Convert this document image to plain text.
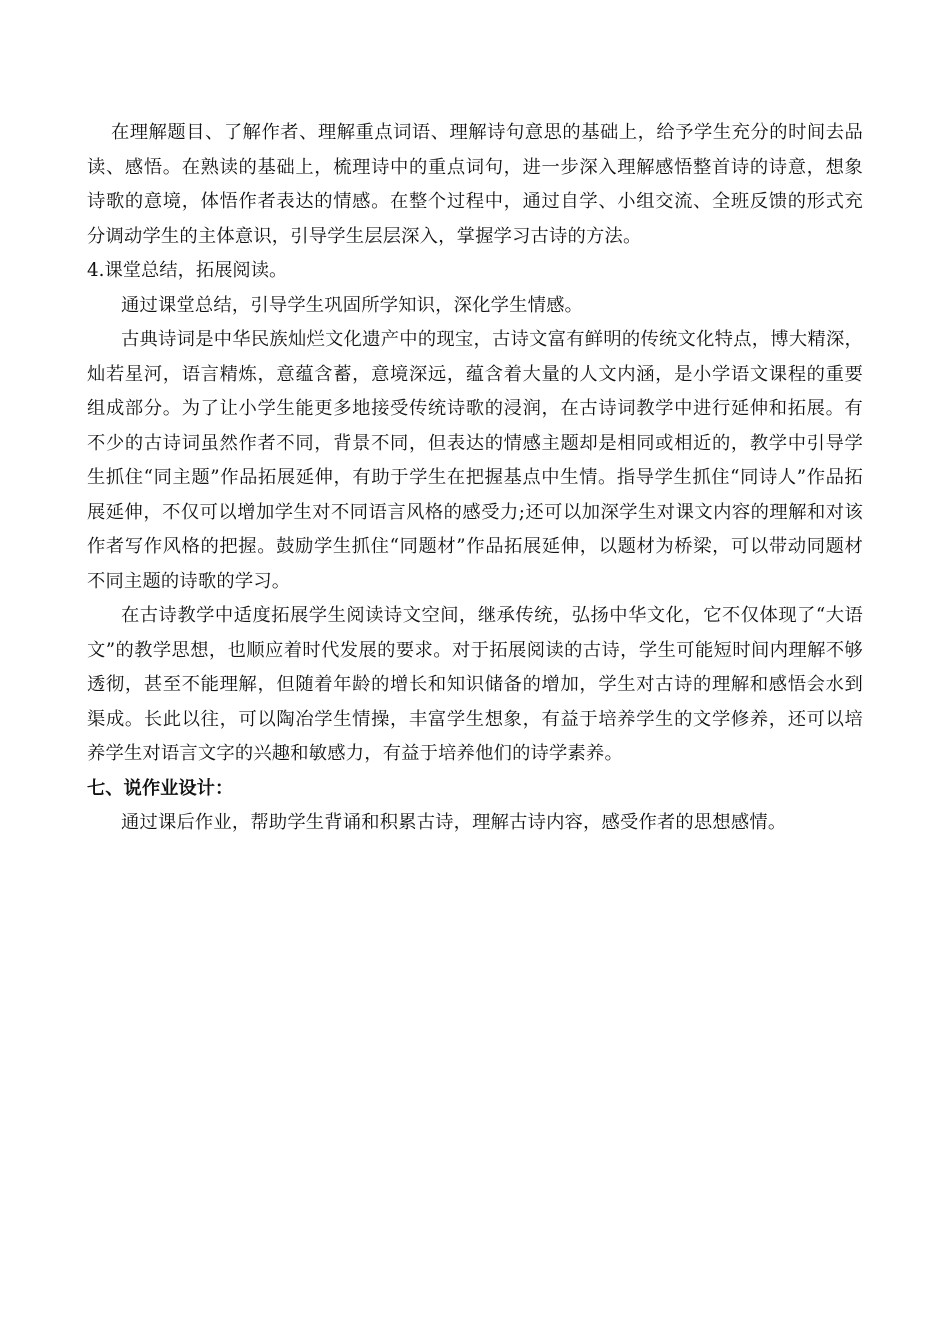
在理解题目、了解作者、理解重点词语、理解诗句意思的基础上，给予学生充分的时间去品读、感悟。在熟读的基础上，梳理诗中的重点词句，进一步深入理解感悟整首诗的诗意，想象诗歌的意境，体悟作者表达的情感。在整个过程中，通过自学、小组交流、全班反馈的形式充分调动学生的主体意识，引导学生层层深入，掌握学习古诗的方法。

4.课堂总结，拓展阅读。

通过课堂总结，引导学生巩固所学知识，深化学生情感。

古典诗词是中华民族灿烂文化遗产中的现宝，古诗文富有鲜明的传统文化特点，博大精深，灿若星河，语言精炼，意蕴含蓄，意境深远，蕴含着大量的人文内涵，是小学语文课程的重要组成部分。为了让小学生能更多地接受传统诗歌的浸润，在古诗词教学中进行延伸和拓展。有不少的古诗词虽然作者不同，背景不同，但表达的情感主题却是相同或相近的，教学中引导学生抓住“同主题”作品拓展延伸，有助于学生在把握基点中生情。指导学生抓住“同诗人”作品拓展延伸，不仅可以增加学生对不同语言风格的感受力;还可以加深学生对课文内容的理解和对该作者写作风格的把握。鼓励学生抓住“同题材”作品拓展延伸，以题材为桥梁，可以带动同题材不同主题的诗歌的学习。

在古诗教学中适度拓展学生阅读诗文空间，继承传统，弘扬中华文化，它不仅体现了“大语文”的教学思想，也顺应着时代发展的要求。对于拓展阅读的古诗，学生可能短时间内理解不够透彻，甚至不能理解，但随着年龄的增长和知识储备的增加，学生对古诗的理解和感悟会水到渠成。长此以往，可以陶冶学生情操，丰富学生想象，有益于培养学生的文学修养，还可以培养学生对语言文字的兴趣和敏感力，有益于培养他们的诗学素养。

七、说作业设计：

通过课后作业，帮助学生背诵和积累古诗，理解古诗内容，感受作者的思想感情。
